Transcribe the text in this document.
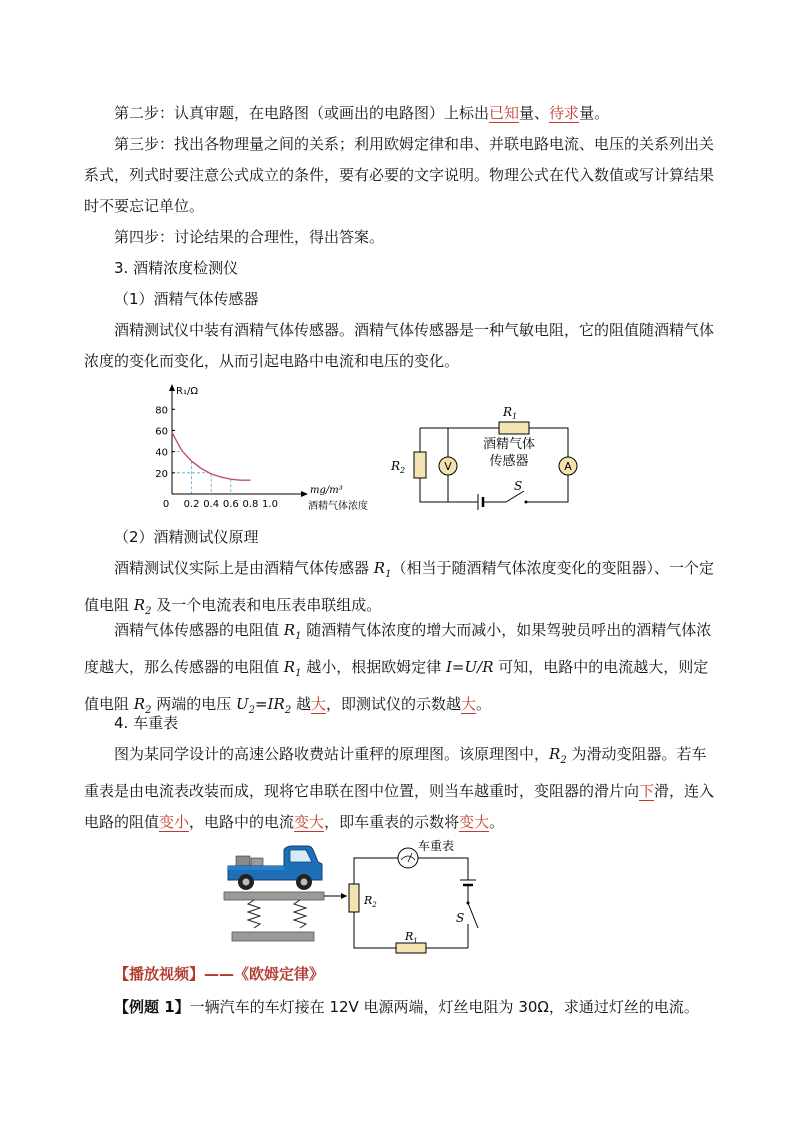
第二步：认真审题，在电路图（或画出的电路图）上标出已知量、待求量。

第三步：找出各物理量之间的关系；利用欧姆定律和串、并联电路电流、电压的关系列出关系式，列式时要注意公式成立的条件，要有必要的文字说明。物理公式在代入数值或写计算结果时不要忘记单位。

第四步：讨论结果的合理性，得出答案。

3. 酒精浓度检测仪

（1）酒精气体传感器

酒精测试仪中装有酒精气体传感器。酒精气体传感器是一种气敏电阻，它的阻值随酒精气体浓度的变化而变化，从而引起电路中电流和电压的变化。

20
40
60
80
0 0.2 0.4 0.6 0.8 1.0
R₁/Ω
mg/m³
酒精气体浓度
$R_1$
$R_2$	V	A
酒精气体
传感器
S

（2）酒精测试仪原理

酒精测试仪实际上是由酒精气体传感器 $R_1$（相当于随酒精气体浓度变化的变阻器）、一个定值电阻 $R_2$ 及一个电流表和电压表串联组成。

酒精气体传感器的电阻值 $R_1$ 随酒精气体浓度的增大而减小，如果驾驶员呼出的酒精气体浓度越大，那么传感器的电阻值 $R_1$ 越小，根据欧姆定律 I=U/R 可知，电路中的电流越大，则定值电阻 $R_2$ 两端的电压 $U_2=IR_2$ 越大，即测试仪的示数越大。

4. 车重表

图为某同学设计的高速公路收费站计重秤的原理图。该原理图中，$R_2$ 为滑动变阻器。若车重表是由电流表改装而成，现将它串联在图中位置，则当车越重时，变阻器的滑片向下滑，连入电路的阻值变小，电路中的电流变大，即车重表的示数将变大。

$R_2$
车重表
S
$R_1$

【播放视频】——《欧姆定律》

【例题 1】一辆汽车的车灯接在 12V 电源两端，灯丝电阻为 30Ω，求通过灯丝的电流。
